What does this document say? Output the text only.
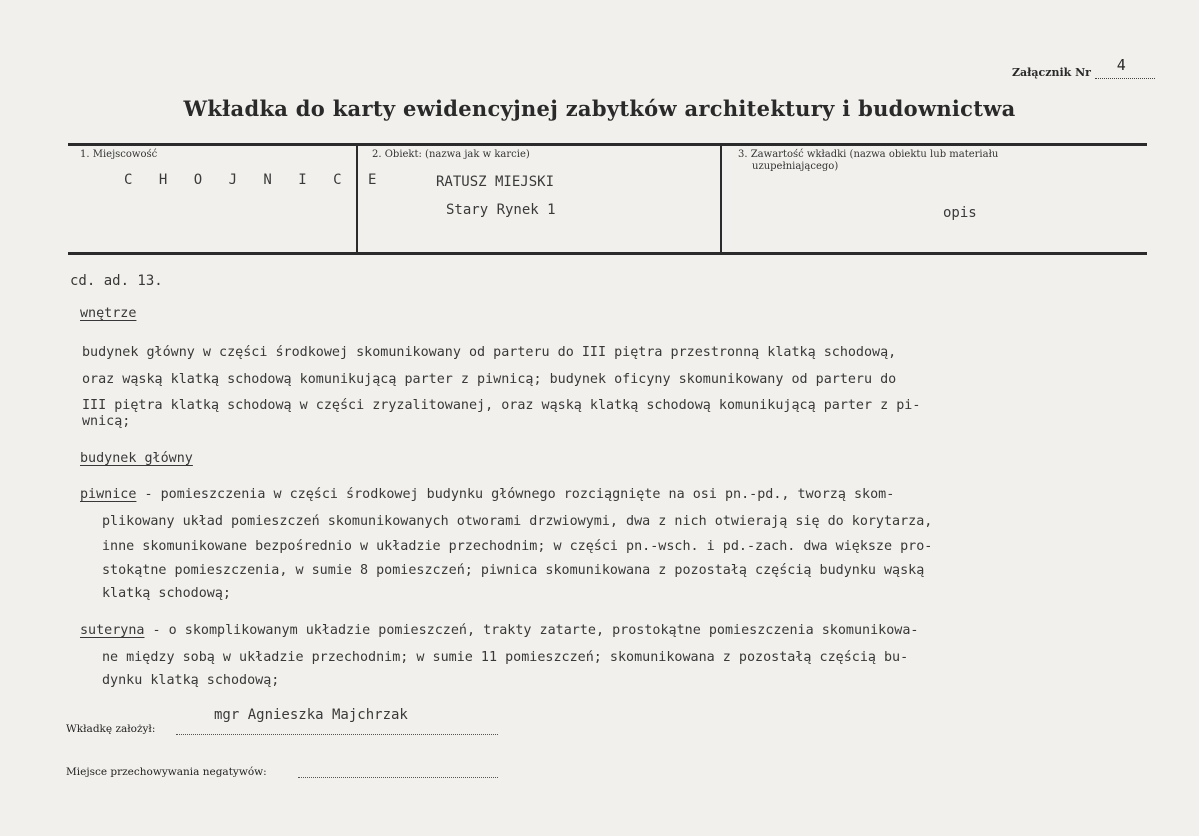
Załącznik Nr 4
Wkładka do karty ewidencyjnej zabytków architektury i budownictwa
1. Miejscowość
C H O J N I C E
2. Obiekt: (nazwa jak w karcie)
RATUSZ MIEJSKI
Stary Rynek 1
3. Zawartość wkładki (nazwa obiektu lub materiału
uzupełniającego)
opis
cd. ad. 13.
wnętrze
budynek główny w części środkowej skomunikowany od parteru do III piętra przestronną klatką schodową,
oraz wąską klatką schodową komunikującą parter z piwnicą; budynek oficyny skomunikowany od parteru do
III piętra klatką schodową w części zryzalitowanej, oraz wąską klatką schodową komunikującą parter z pi-
wnicą;
budynek główny
piwnice - pomieszczenia w części środkowej budynku głównego rozciągnięte na osi pn.-pd., tworzą skom-
plikowany układ pomieszczeń skomunikowanych otworami drzwiowymi, dwa z nich otwierają się do korytarza,
inne skomunikowane bezpośrednio w układzie przechodnim; w części pn.-wsch. i pd.-zach. dwa większe pro-
stokątne pomieszczenia, w sumie 8 pomieszczeń; piwnica skomunikowana z pozostałą częścią budynku wąską
klatką schodową;
suteryna - o skomplikowanym układzie pomieszczeń, trakty zatarte, prostokątne pomieszczenia skomunikowa-
ne między sobą w układzie przechodnim; w sumie 11 pomieszczeń; skomunikowana z pozostałą częścią bu-
dynku klatką schodową;
mgr Agnieszka Majchrzak
Wkładkę założył:
Miejsce przechowywania negatywów:
